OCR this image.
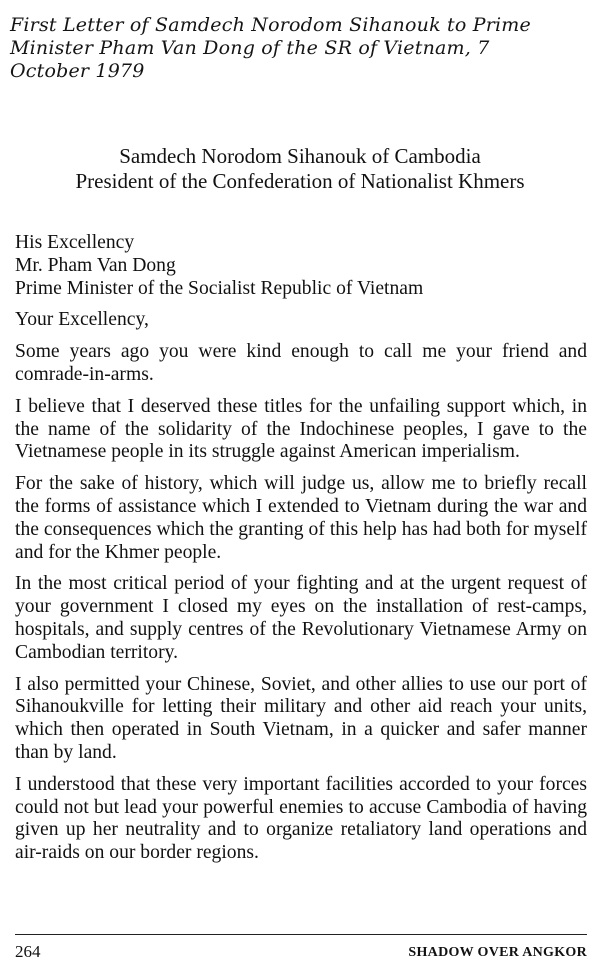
First Letter of Samdech Norodom Sihanouk to Prime Minister Pham Van Dong of the SR of Vietnam, 7 October 1979

Samdech Norodom Sihanouk of Cambodia
President of the Confederation of Nationalist Khmers
His Excellency
Mr. Pham Van Dong
Prime Minister of the Socialist Republic of Vietnam

Your Excellency,

Some years ago you were kind enough to call me your friend and comrade-in-arms.

I believe that I deserved these titles for the unfailing support which, in the name of the solidarity of the Indochinese peoples, I gave to the Vietnamese people in its struggle against American imperialism.

For the sake of history, which will judge us, allow me to briefly recall the forms of assistance which I extended to Vietnam during the war and the consequences which the granting of this help has had both for myself and for the Khmer people.

In the most critical period of your fighting and at the urgent request of your government I closed my eyes on the installation of rest-camps, hospitals, and supply centres of the Revolutionary Vietnamese Army on Cambodian territory.

I also permitted your Chinese, Soviet, and other allies to use our port of Sihanoukville for letting their military and other aid reach your units, which then operated in South Vietnam, in a quicker and safer manner than by land.

I understood that these very important facilities accorded to your forces could not but lead your powerful enemies to accuse Cambodia of having given up her neutrality and to organize retaliatory land operations and air-raids on our border regions.

264	SHADOW OVER ANGKOR
